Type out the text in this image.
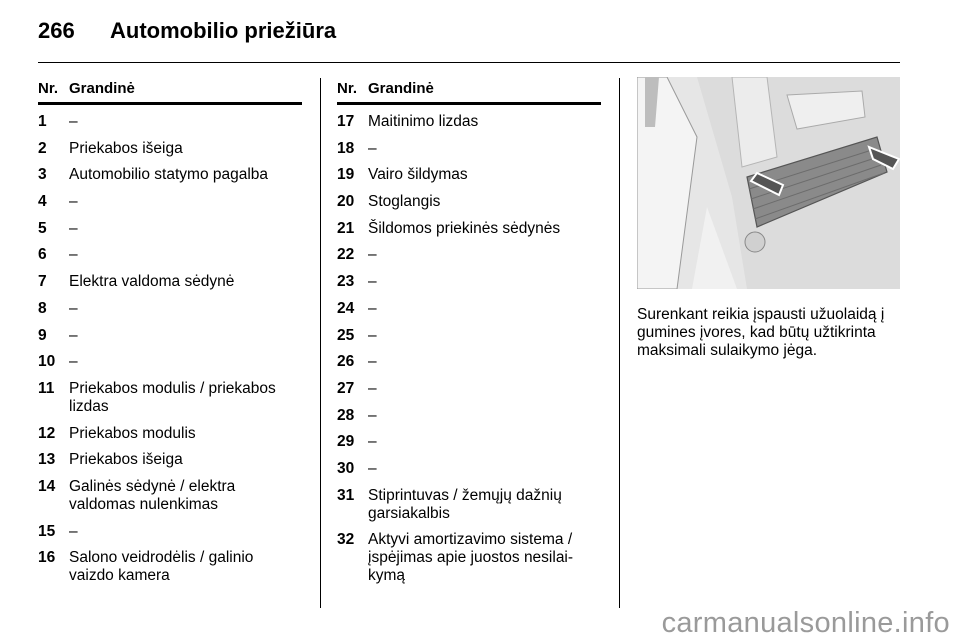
266 Automobilio priežiūra
Nr. Grandinė
1	–
2	Priekabos išeiga
3	Automobilio statymo pagalba
4	–
5	–
6	–
7	Elektra valdoma sėdynė
8	–
9	–
10 –
11 Priekabos modulis / priekabos lizdas
12 Priekabos modulis
13 Priekabos išeiga
14 Galinės sėdynė / elektra valdomas nulenkimas
15 –
16 Salono veidrodėlis / galinio vaizdo kamera
Nr. Grandinė
17 Maitinimo lizdas
18 –
19 Vairo šildymas
20 Stoglangis
21 Šildomos priekinės sėdynės
22 –
23 –
24 –
25 –
26 –
27 –
28 –
29 –
30 –
31 Stiprintuvas / žemųjų dažnių garsiakalbis
32 Aktyvi amortizavimo sistema / įspėjimas apie juostos nesilai-kymą
Surenkant reikia įspausti užuolaidą į gumines įvores, kad būtų užtikrinta maksimali sulaikymo jėga.
carmanualsonline.info
